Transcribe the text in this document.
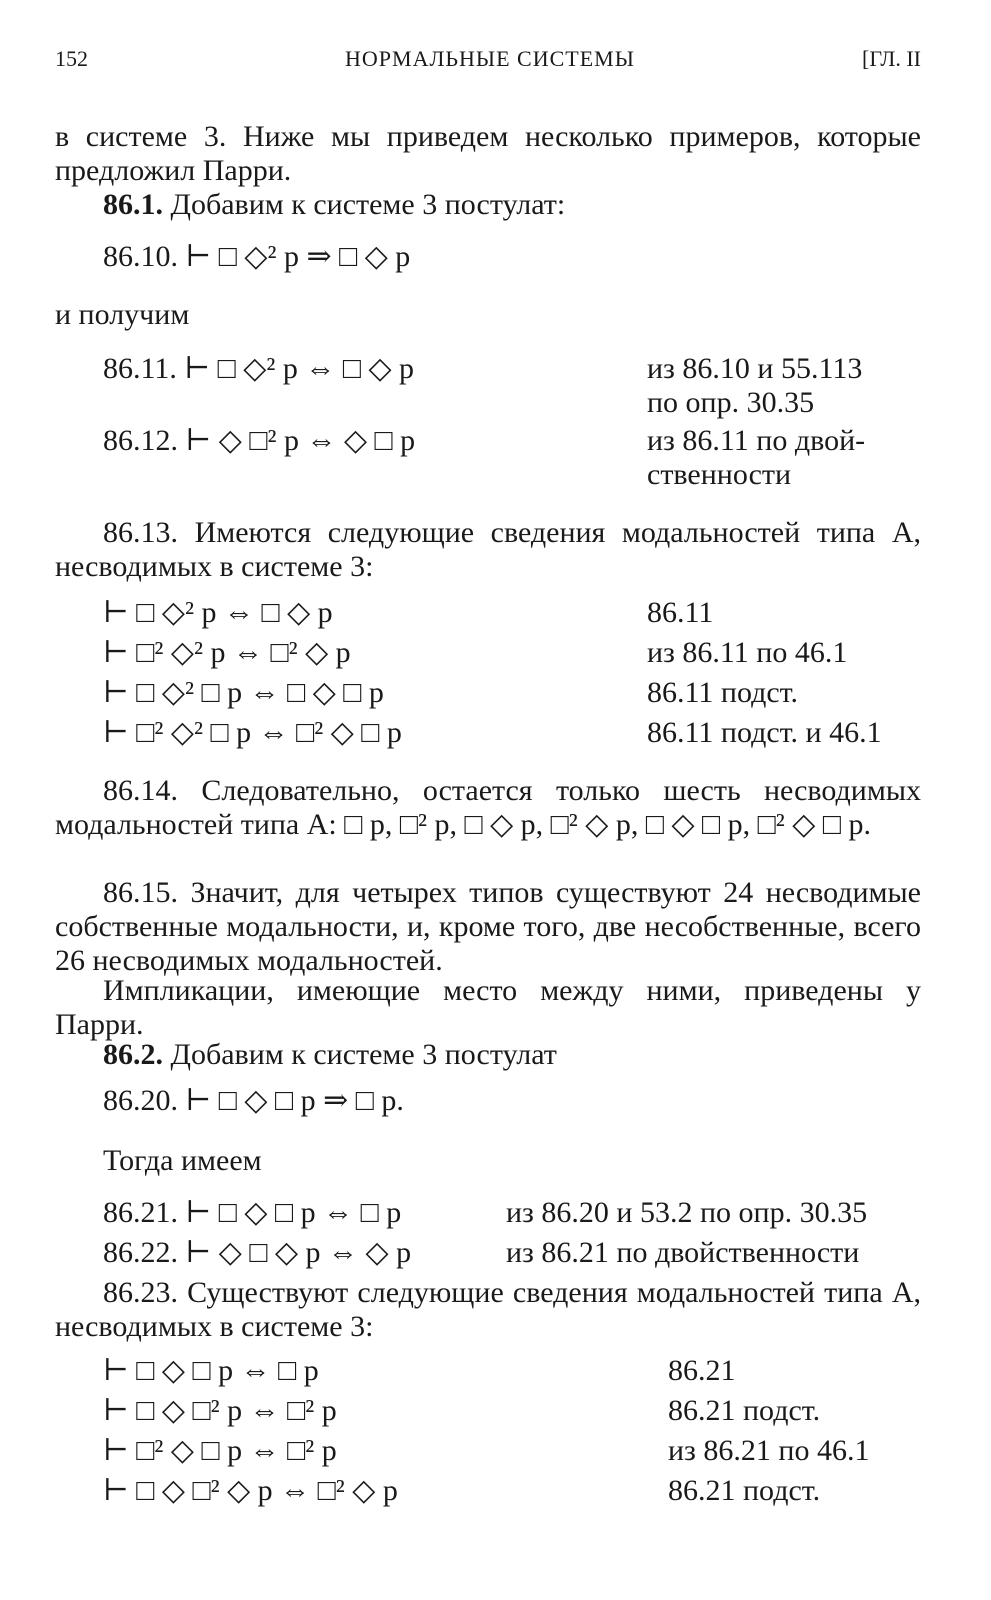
152	НОРМАЛЬНЫЕ СИСТЕМЫ	[ГЛ. II

в системе 3. Ниже мы приведем несколько примеров, которые предложил Парри.

86.1. Добавим к системе 3 постулат:

86.10. ⊢ □ ◇² p ⇒ □ ◇ p

и получим

86.11. ⊢ □ ◇² p ⇔ □ ◇ p	из 86.10 и 55.113
по опр. 30.35
86.12. ⊢ ◇ □² p ⇔ ◇ □ p	из 86.11 по двой-
ственности

86.13. Имеются следующие сведения модальностей типа А, несводимых в системе 3:

⊢ □ ◇² p ⇔ □ ◇ p	86.11
⊢ □² ◇² p ⇔ □² ◇ p	из 86.11 по 46.1
⊢ □ ◇² □ p ⇔ □ ◇ □ p	86.11 подст.
⊢ □² ◇² □ p ⇔ □² ◇ □ p	86.11 подст. и 46.1

86.14. Следовательно, остается только шесть несводимых модальностей типа А: □ p, □² p, □ ◇ p, □² ◇ p, □ ◇ □ p, □² ◇ □ p.

86.15. Значит, для четырех типов существуют 24 несводимые собственные модальности, и, кроме того, две несобственные, всего 26 несводимых модальностей.

Импликации, имеющие место между ними, приведены у Парри.

86.2. Добавим к системе 3 постулат

86.20. ⊢ □ ◇ □ p ⇒ □ p.

Тогда имеем

86.21. ⊢ □ ◇ □ p ⇔ □ p	из 86.20 и 53.2 по опр. 30.35
86.22. ⊢ ◇ □ ◇ p ⇔ ◇ p	из 86.21 по двойственности

86.23. Существуют следующие сведения модальностей типа А, несводимых в системе 3:

⊢ □ ◇ □ p ⇔ □ p	86.21
⊢ □ ◇ □² p ⇔ □² p	86.21 подст.
⊢ □² ◇ □ p ⇔ □² p	из 86.21 по 46.1
⊢ □ ◇ □² ◇ p ⇔ □² ◇ p	86.21 подст.
